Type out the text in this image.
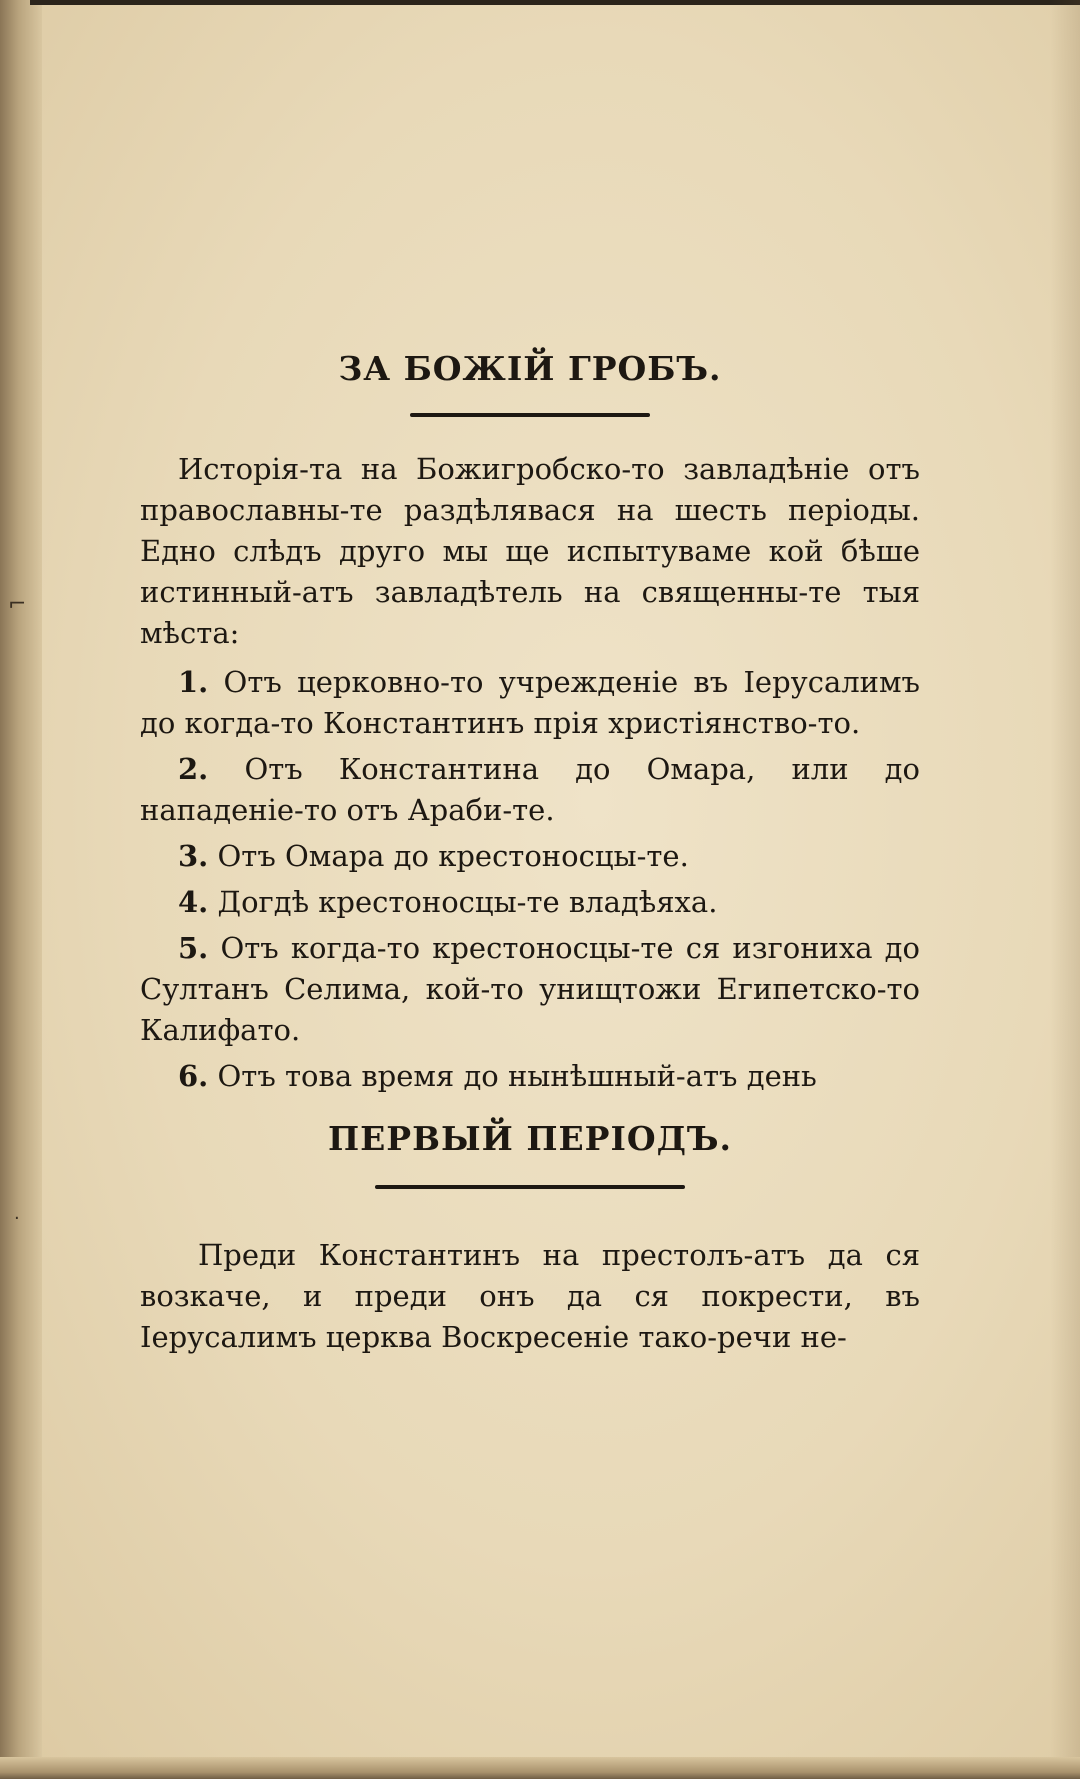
⌐
·
ЗА БОЖІЙ ГРОБЪ.

Исторія-та на Божигробско-то завладѣніе отъ православны-те раздѣлявася на шесть періоды. Едно слѣдъ друго мы ще испытуваме кой бѣше истинный-атъ завладѣтель на священны-те тыя мѣста:

1. Отъ церковно-то учрежденіе въ Іерусалимъ до когда-то Константинъ прія христіянство-то.
2. Отъ Константина до Омара, или до нападеніе-то отъ Араби-те.
3. Отъ Омара до крестоносцы-те.
4. Догдѣ крестоносцы-те владѣяха.
5. Отъ когда-то крестоносцы-те ся изгониха до Султанъ Селима, кой-то унищтожи Египетско-то Калифато.
6. Отъ това время до нынѣшный-атъ день
ПЕРВЫЙ ПЕРІОДЪ.

Преди Константинъ на престолъ-атъ да ся возкаче, и преди онъ да ся покрести, въ Іерусалимъ церква Воскресеніе тако-речи не-
